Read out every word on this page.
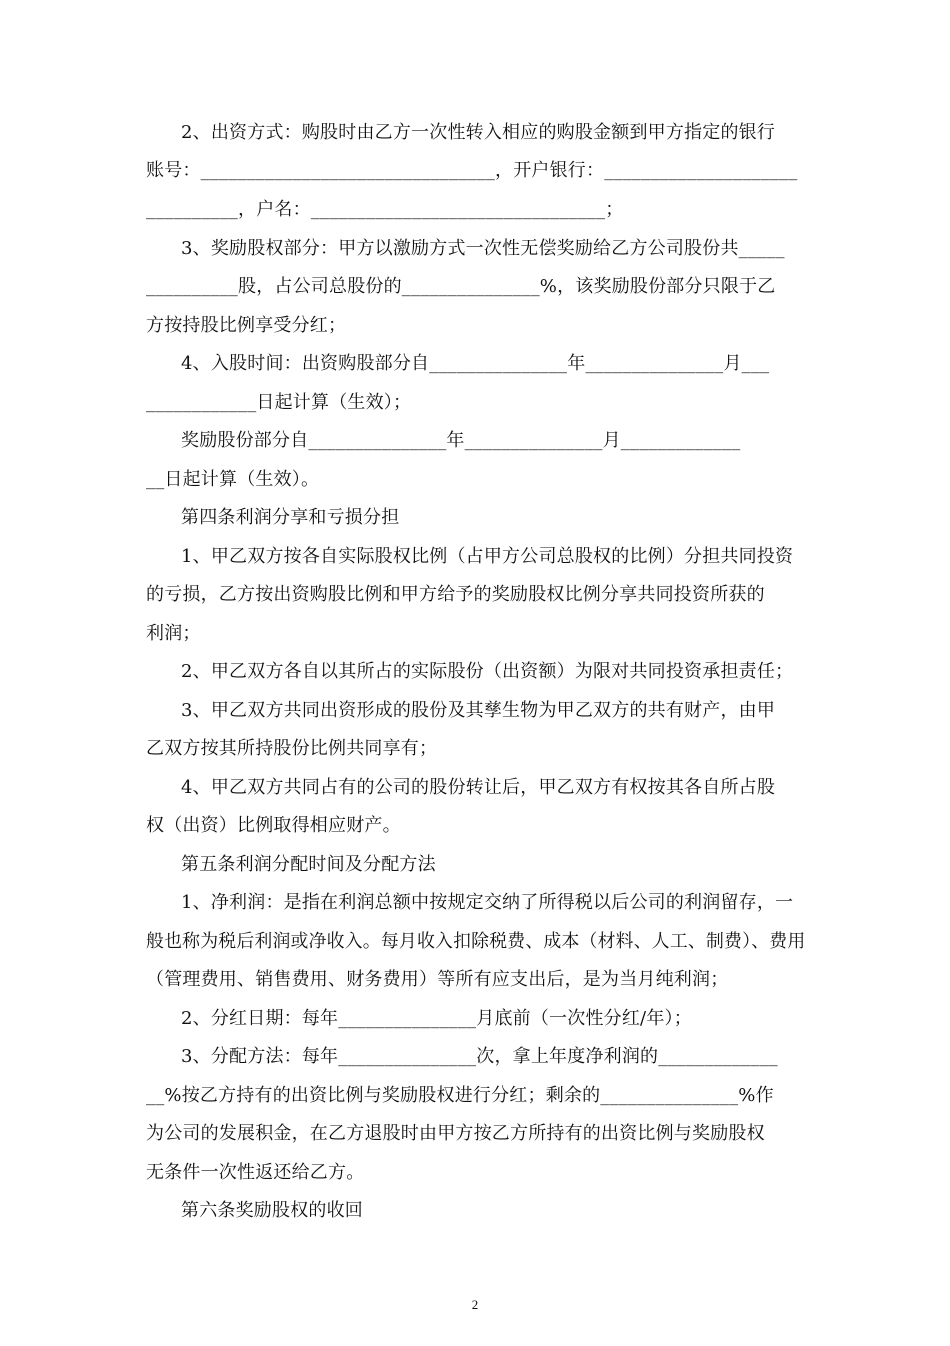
2、出资方式：购股时由乙方一次性转入相应的购股金额到甲方指定的银行
账号：________________________________，开户银行：_____________________
__________，户名：________________________________；
3、奖励股权部分：甲方以激励方式一次性无偿奖励给乙方公司股份共_____
__________股，占公司总股份的_______________%，该奖励股份部分只限于乙
方按持股比例享受分红；
4、入股时间：出资购股部分自_______________年_______________月___
____________日起计算（生效）；
奖励股份部分自_______________年_______________月_____________
__日起计算（生效）。
第四条利润分享和亏损分担
1、甲乙双方按各自实际股权比例（占甲方公司总股权的比例）分担共同投资
的亏损，乙方按出资购股比例和甲方给予的奖励股权比例分享共同投资所获的
利润；
2、甲乙双方各自以其所占的实际股份（出资额）为限对共同投资承担责任；
3、甲乙双方共同出资形成的股份及其孳生物为甲乙双方的共有财产，由甲
乙双方按其所持股份比例共同享有；
4、甲乙双方共同占有的公司的股份转让后，甲乙双方有权按其各自所占股
权（出资）比例取得相应财产。
第五条利润分配时间及分配方法
1、净利润：是指在利润总额中按规定交纳了所得税以后公司的利润留存，一
般也称为税后利润或净收入。每月收入扣除税费、成本（材料、人工、制费）、费用
（管理费用、销售费用、财务费用）等所有应支出后，是为当月纯利润；
2、分红日期：每年_______________月底前（一次性分红/年）；
3、分配方法：每年_______________次，拿上年度净利润的_____________
__%按乙方持有的出资比例与奖励股权进行分红；剩余的_______________%作
为公司的发展积金，在乙方退股时由甲方按乙方所持有的出资比例与奖励股权
无条件一次性返还给乙方。
第六条奖励股权的收回
2
